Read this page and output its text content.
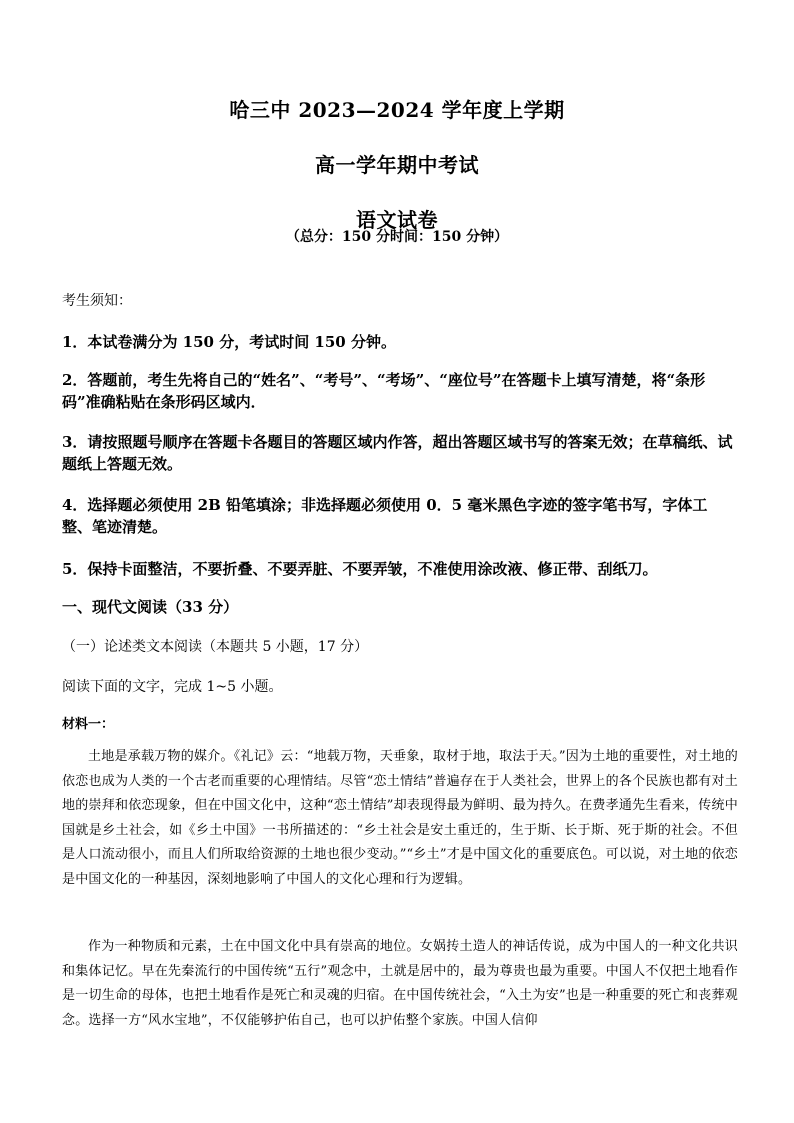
哈三中 2023—2024 学年度上学期
高一学年期中考试
语文试卷
（总分：150 分时间：150 分钟）
考生须知：
1．本试卷满分为 150 分，考试时间 150 分钟。
2．答题前，考生先将自己的“姓名”、“考号”、“考场”、“座位号”在答题卡上填写清楚，将“条形码”准确粘贴在条形码区域内．
3．请按照题号顺序在答题卡各题目的答题区域内作答，超出答题区域书写的答案无效；在草稿纸、试题纸上答题无效。
4．选择题必须使用 2B 铅笔填涂；非选择题必须使用 0．5 毫米黑色字迹的签字笔书写，字体工整、笔迹清楚。
5．保持卡面整洁，不要折叠、不要弄脏、不要弄皱，不准使用涂改液、修正带、刮纸刀。
一、现代文阅读（33 分）
（一）论述类文本阅读（本题共 5 小题，17 分）
阅读下面的文字，完成 1~5 小题。
材料一：
土地是承载万物的媒介。《礼记》云：“地载万物，天垂象，取材于地，取法于天。”因为土地的重要性，对土地的依恋也成为人类的一个古老而重要的心理情结。尽管“恋土情结”普遍存在于人类社会，世界上的各个民族也都有对土地的崇拜和依恋现象，但在中国文化中，这种“恋土情结”却表现得最为鲜明、最为持久。在费孝通先生看来，传统中国就是乡土社会，如《乡土中国》一书所描述的：“乡土社会是安土重迁的，生于斯、长于斯、死于斯的社会。不但是人口流动很小，而且人们所取给资源的土地也很少变动。”“乡土”才是中国文化的重要底色。可以说，对土地的依恋是中国文化的一种基因，深刻地影响了中国人的文化心理和行为逻辑。
作为一种物质和元素，土在中国文化中具有崇高的地位。女娲抟土造人的神话传说，成为中国人的一种文化共识和集体记忆。早在先秦流行的中国传统“五行”观念中，土就是居中的，最为尊贵也最为重要。中国人不仅把土地看作是一切生命的母体，也把土地看作是死亡和灵魂的归宿。在中国传统社会，“入土为安”也是一种重要的死亡和丧葬观念。选择一方“风水宝地”，不仅能够护佑自己，也可以护佑整个家族。中国人信仰
